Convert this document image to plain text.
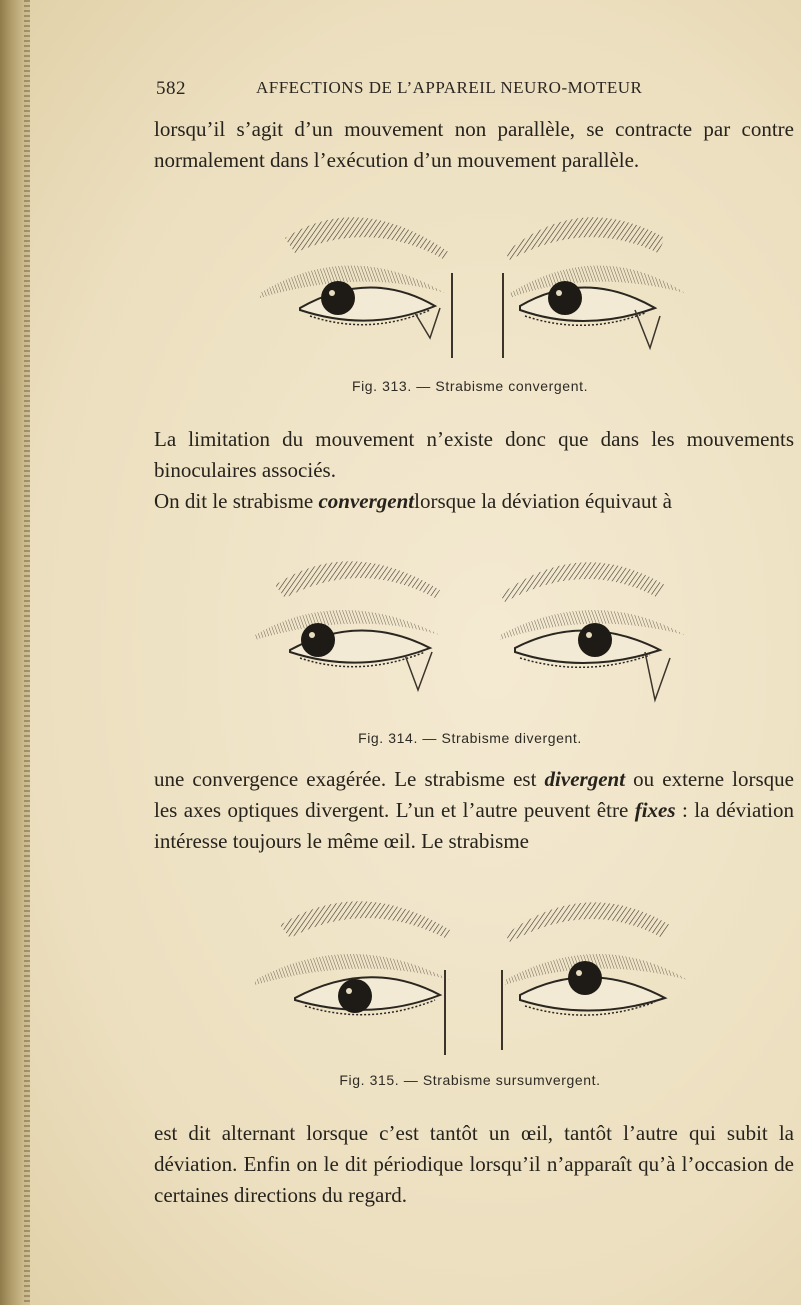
582	AFFECTIONS DE L’APPAREIL NEURO-MOTEUR

lorsqu’il s’agit d’un mouvement non parallèle, se contracte par contre normalement dans l’exécution d’un mouvement parallèle.

Fig. 313. — Strabisme convergent.

La limitation du mouvement n’existe donc que dans les mouvements binoculaires associés.

On dit le strabisme convergentlorsque la déviation équivaut à

Fig. 314. — Strabisme divergent.

une convergence exagérée. Le strabisme est divergent ou externe lorsque les axes optiques divergent. L’un et l’autre peuvent être fixes : la déviation intéresse toujours le même œil. Le strabisme

Fig. 315. — Strabisme sursumvergent.

est dit alternant lorsque c’est tantôt un œil, tantôt l’autre qui subit la déviation. Enfin on le dit périodique lorsqu’il n’apparaît qu’à l’occasion de certaines directions du regard.
